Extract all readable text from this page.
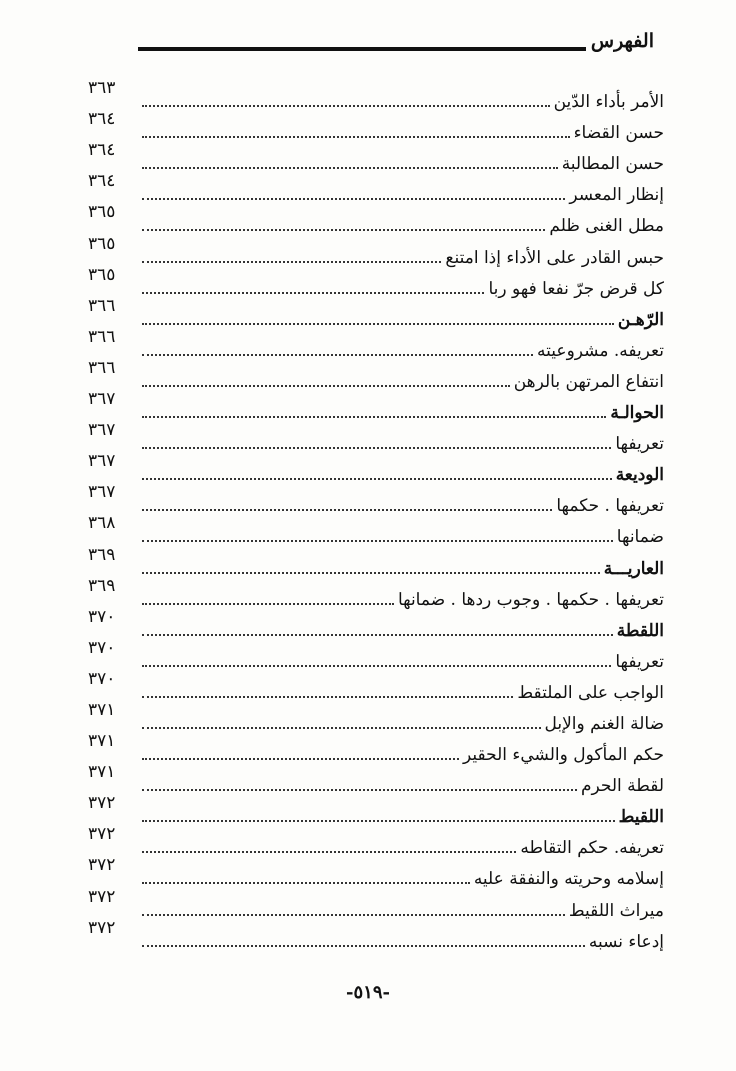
الفهرس
الأمر بأداء الدّين
٣٦٣
حسن القضاء
٣٦٤
حسن المطالبة
٣٦٤
إنظار المعسر
٣٦٤
مطل الغنى ظلم
٣٦٥
حبس القادر على الأداء إذا امتنع
٣٦٥
كل قرض جرّ نفعا فهو ربا
٣٦٥
الرّهـن
٣٦٦
تعريفه. مشروعيته
٣٦٦
انتفاع المرتهن بالرهن
٣٦٦
الحوالـة
٣٦٧
تعريفها
٣٦٧
الوديعة
٣٦٧
تعريفها . حكمها
٣٦٧
ضمانها
٣٦٨
العاريـــة
٣٦٩
تعريفها . حكمها . وجوب ردها . ضمانها
٣٦٩
اللقطة
٣٧٠
تعريفها
٣٧٠
الواجب على الملتقط
٣٧٠
ضالة الغنم والإبل
٣٧١
حكم المأكول والشيء الحقير
٣٧١
لقطة الحرم
٣٧١
اللقيط
٣٧٢
تعريفه. حكم التقاطه
٣٧٢
إسلامه وحريته والنفقة عليه
٣٧٢
ميراث اللقيط
٣٧٢
إدعاء نسبه
٣٧٢
-٥١٩-
